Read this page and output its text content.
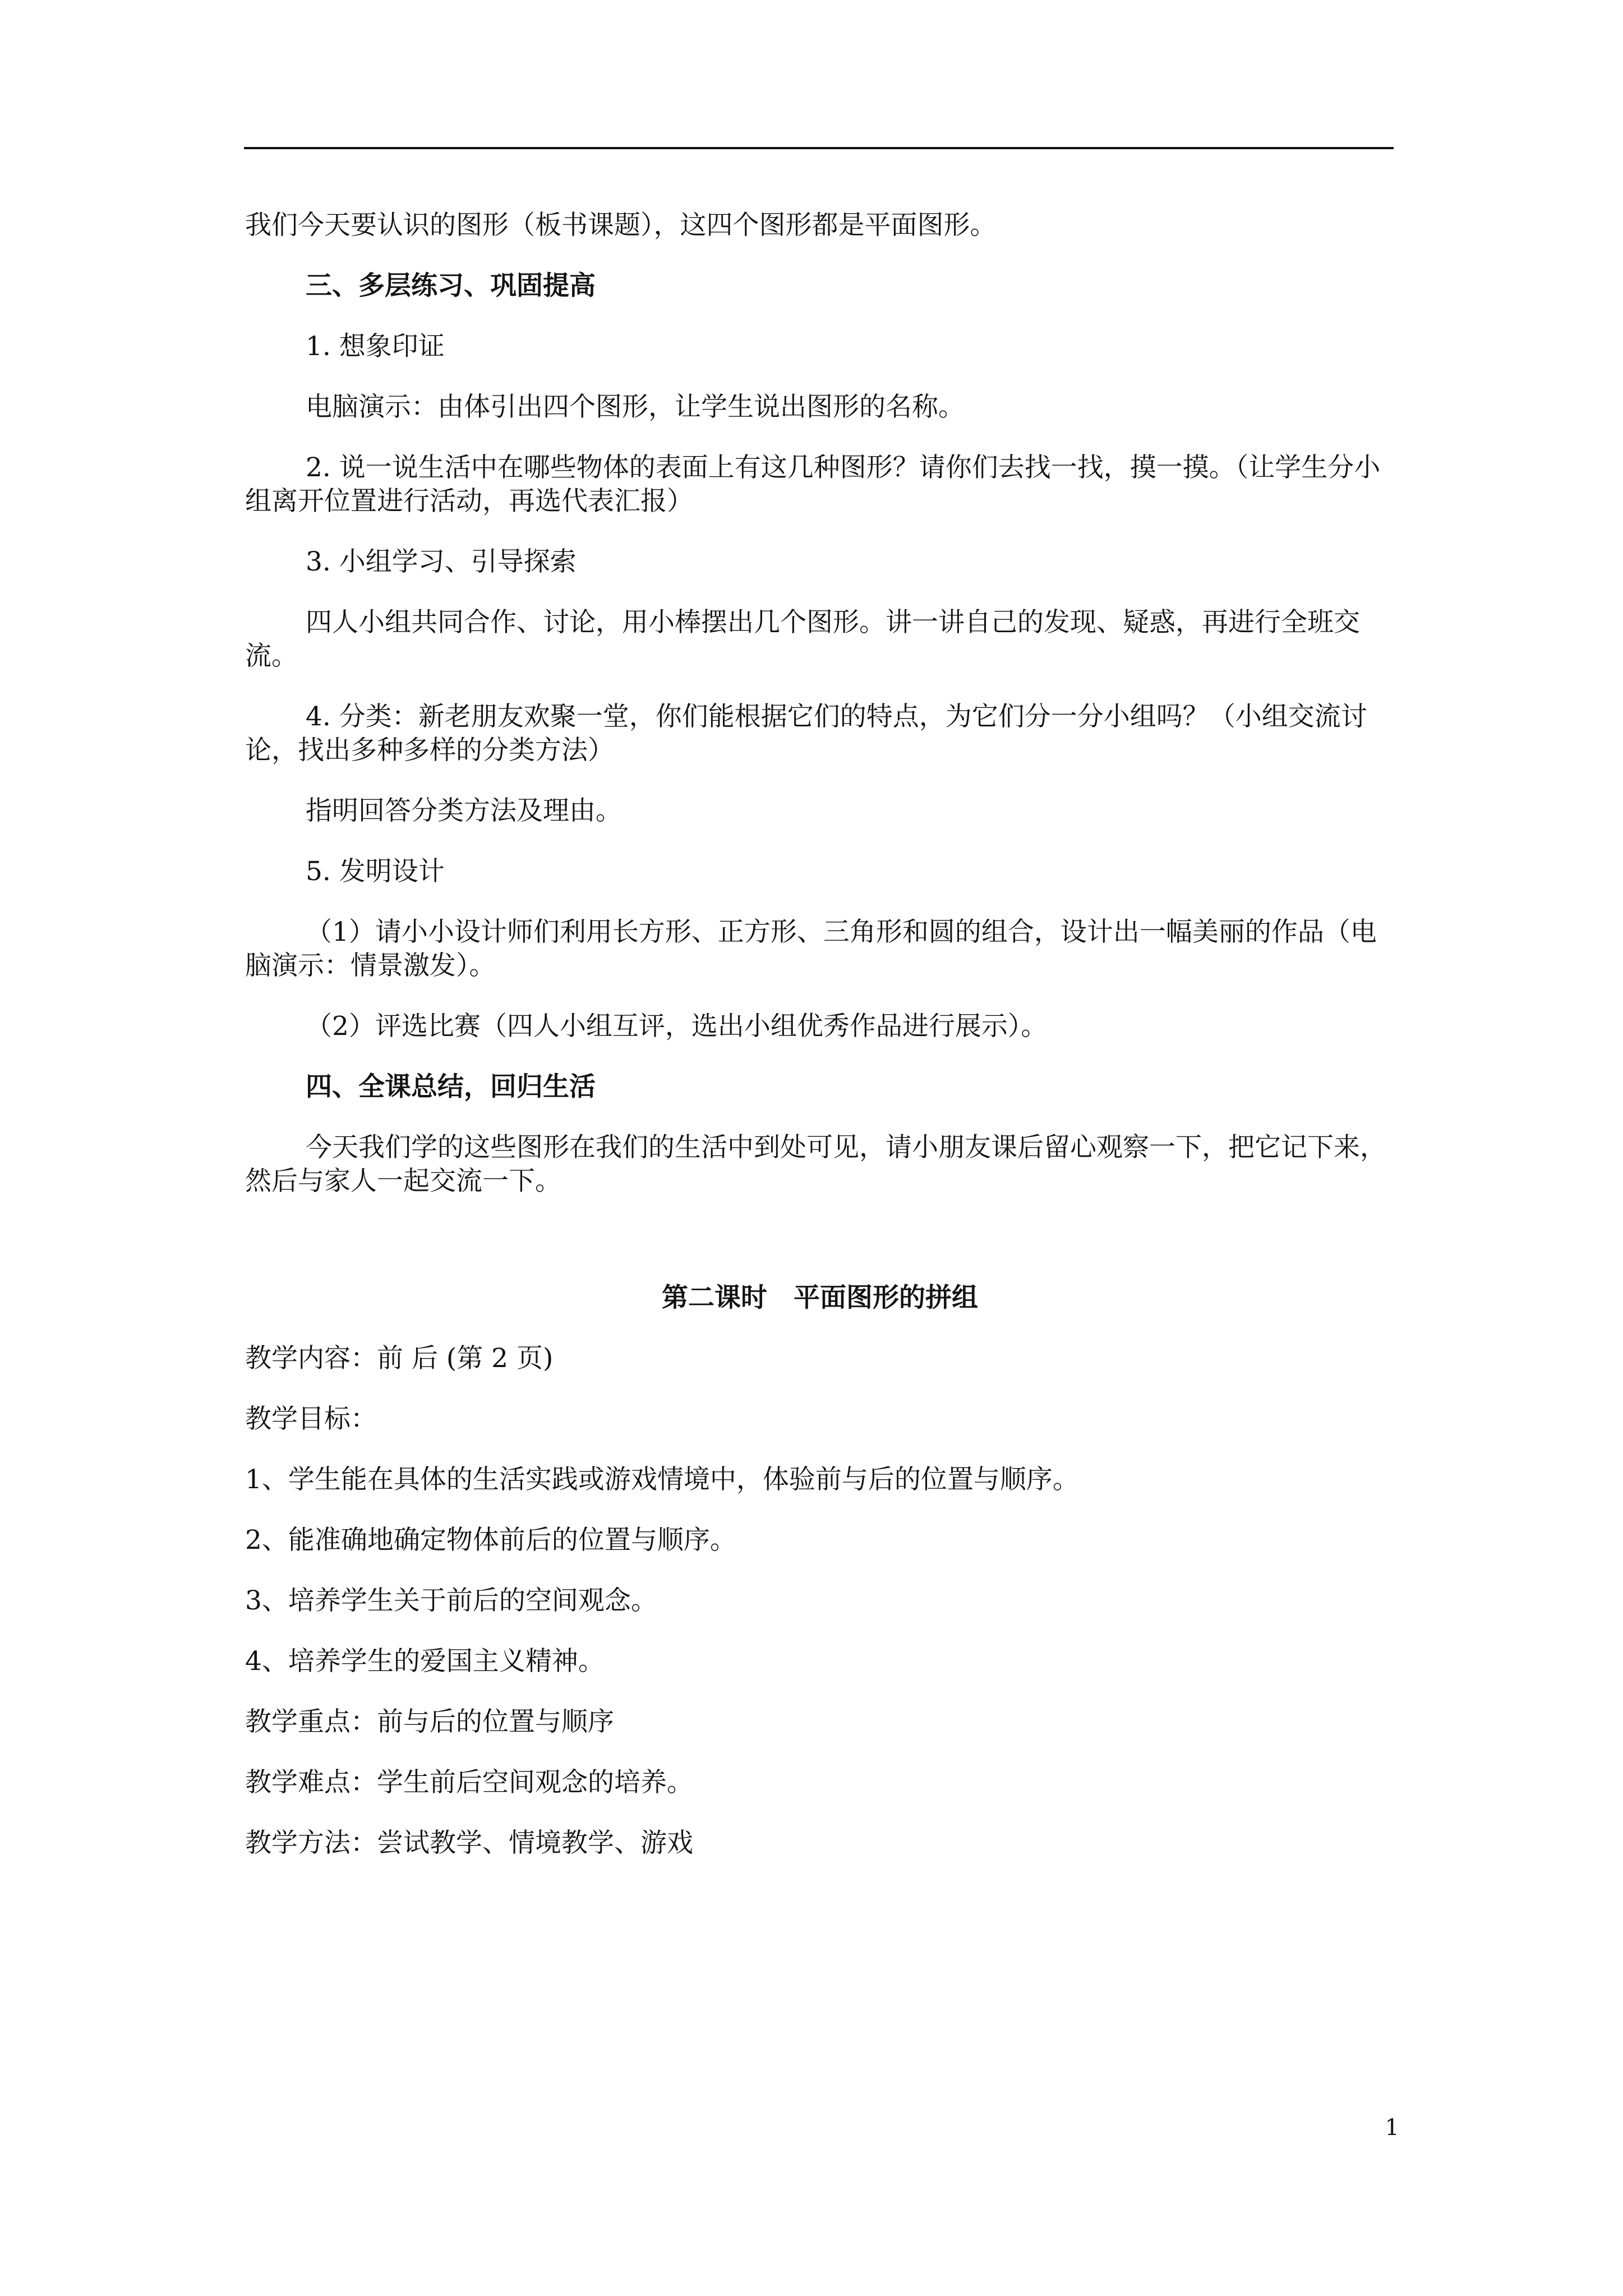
我们今天要认识的图形（板书课题），这四个图形都是平面图形。

三、多层练习、巩固提高

1. 想象印证

电脑演示：由体引出四个图形，让学生说出图形的名称。

2. 说一说生活中在哪些物体的表面上有这几种图形？请你们去找一找，摸一摸。（让学生分小组离开位置进行活动，再选代表汇报）

3. 小组学习、引导探索

四人小组共同合作、讨论，用小棒摆出几个图形。讲一讲自己的发现、疑惑，再进行全班交流。

4. 分类：新老朋友欢聚一堂，你们能根据它们的特点，为它们分一分小组吗？（小组交流讨论，找出多种多样的分类方法）

指明回答分类方法及理由。

5. 发明设计

（1）请小小设计师们利用长方形、正方形、三角形和圆的组合，设计出一幅美丽的作品（电脑演示：情景激发）。

（2）评选比赛（四人小组互评，选出小组优秀作品进行展示）。

四、全课总结，回归生活

今天我们学的这些图形在我们的生活中到处可见，请小朋友课后留心观察一下，把它记下来，然后与家人一起交流一下。

第二课时　平面图形的拼组

教学内容：前 后 (第 2 页)

教学目标：

1、学生能在具体的生活实践或游戏情境中，体验前与后的位置与顺序。

2、能准确地确定物体前后的位置与顺序。

3、培养学生关于前后的空间观念。

4、培养学生的爱国主义精神。

教学重点：前与后的位置与顺序

教学难点：学生前后空间观念的培养。

教学方法：尝试教学、情境教学、游戏

1
